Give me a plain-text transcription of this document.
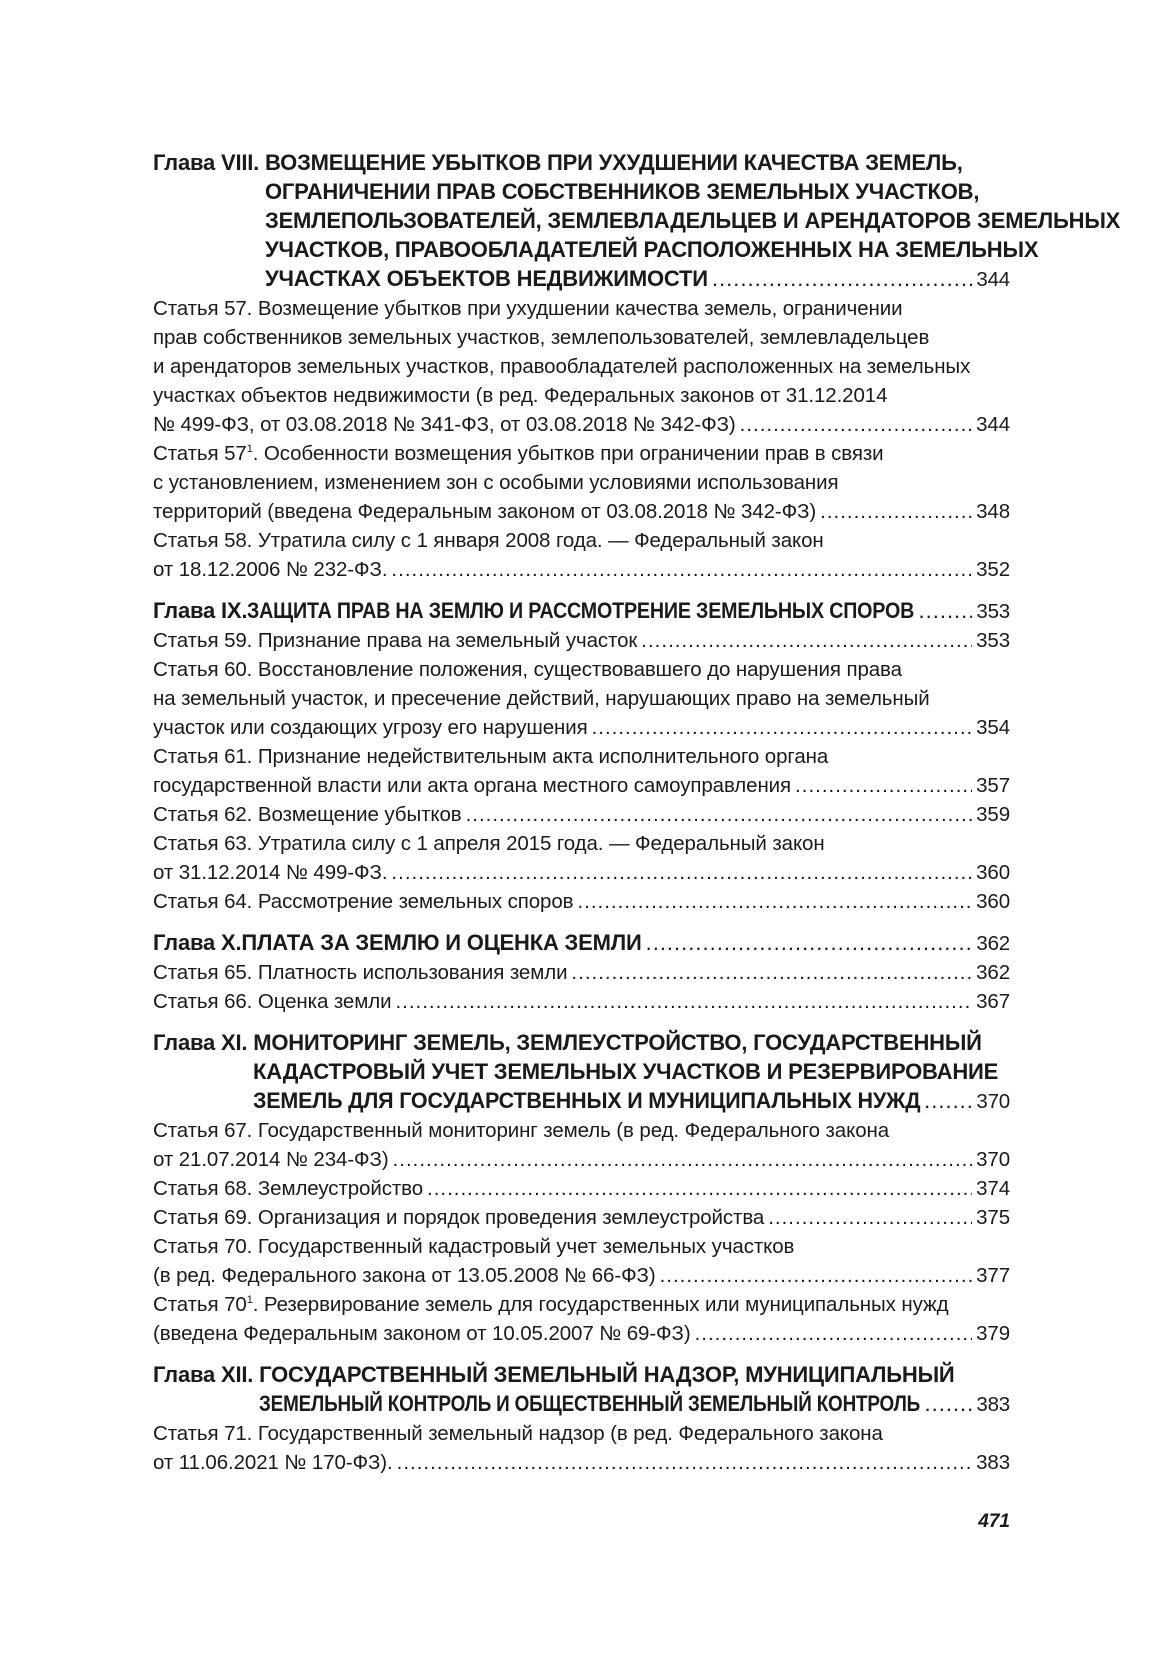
Глава VIII. ВОЗМЕЩЕНИЕ УБЫТКОВ ПРИ УХУДШЕНИИ КАЧЕСТВА ЗЕМЕЛЬ,
ОГРАНИЧЕНИИ ПРАВ СОБСТВЕННИКОВ ЗЕМЕЛЬНЫХ УЧАСТКОВ,
ЗЕМЛЕПОЛЬЗОВАТЕЛЕЙ, ЗЕМЛЕВЛАДЕЛЬЦЕВ И АРЕНДАТОРОВ ЗЕМЕЛЬНЫХ
УЧАСТКОВ, ПРАВООБЛАДАТЕЛЕЙ РАСПОЛОЖЕННЫХ НА ЗЕМЕЛЬНЫХ
УЧАСТКАХ ОБЪЕКТОВ НЕДВИЖИМОСТИ .....	344
Статья 57. Возмещение убытков при ухудшении качества земель, ограничении
прав собственников земельных участков, землепользователей, землевладельцев
и арендаторов земельных участков, правообладателей расположенных на земельных
участках объектов недвижимости (в ред. Федеральных законов от 31.12.2014
№ 499-ФЗ, от 03.08.2018 № 341-ФЗ, от 03.08.2018 № 342-ФЗ) .....	344
Статья $57^1$. Особенности возмещения убытков при ограничении прав в связи
с установлением, изменением зон с особыми условиями использования
территорий (введена Федеральным законом от 03.08.2018 № 342-ФЗ) .....	348
Статья 58. Утратила силу с 1 января 2008 года. — Федеральный закон
от 18.12.2006 № 232-ФЗ. .....	352
Глава IX. ЗАЩИТА ПРАВ НА ЗЕМЛЮ И РАССМОТРЕНИЕ ЗЕМЕЛЬНЫХ СПОРОВ .....	353
Статья 59. Признание права на земельный участок .....	353
Статья 60. Восстановление положения, существовавшего до нарушения права
на земельный участок, и пресечение действий, нарушающих право на земельный
участок или создающих угрозу его нарушения .....	354
Статья 61. Признание недействительным акта исполнительного органа
государственной власти или акта органа местного самоуправления .....	357
Статья 62. Возмещение убытков .....	359
Статья 63. Утратила силу с 1 апреля 2015 года. — Федеральный закон
от 31.12.2014 № 499-ФЗ. .....	360
Статья 64. Рассмотрение земельных споров .....	360
Глава X. ПЛАТА ЗА ЗЕМЛЮ И ОЦЕНКА ЗЕМЛИ .....	362
Статья 65. Платность использования земли .....	362
Статья 66. Оценка земли .....	367
Глава XI. МОНИТОРИНГ ЗЕМЕЛЬ, ЗЕМЛЕУСТРОЙСТВО, ГОСУДАРСТВЕННЫЙ
КАДАСТРОВЫЙ УЧЕТ ЗЕМЕЛЬНЫХ УЧАСТКОВ И РЕЗЕРВИРОВАНИЕ
ЗЕМЕЛЬ ДЛЯ ГОСУДАРСТВЕННЫХ И МУНИЦИПАЛЬНЫХ НУЖД .....	370
Статья 67. Государственный мониторинг земель (в ред. Федерального закона
от 21.07.2014 № 234-ФЗ) .....	370
Статья 68. Землеустройство .....	374
Статья 69. Организация и порядок проведения землеустройства .....	375
Статья 70. Государственный кадастровый учет земельных участков
(в ред. Федерального закона от 13.05.2008 № 66-ФЗ) .....	377
Статья $70^1$. Резервирование земель для государственных или муниципальных нужд
(введена Федеральным законом от 10.05.2007 № 69-ФЗ) .....	379
Глава XII. ГОСУДАРСТВЕННЫЙ ЗЕМЕЛЬНЫЙ НАДЗОР, МУНИЦИПАЛЬНЫЙ
ЗЕМЕЛЬНЫЙ КОНТРОЛЬ И ОБЩЕСТВЕННЫЙ ЗЕМЕЛЬНЫЙ КОНТРОЛЬ .....	383
Статья 71. Государственный земельный надзор (в ред. Федерального закона
от 11.06.2021 № 170-ФЗ). .....	383
471
